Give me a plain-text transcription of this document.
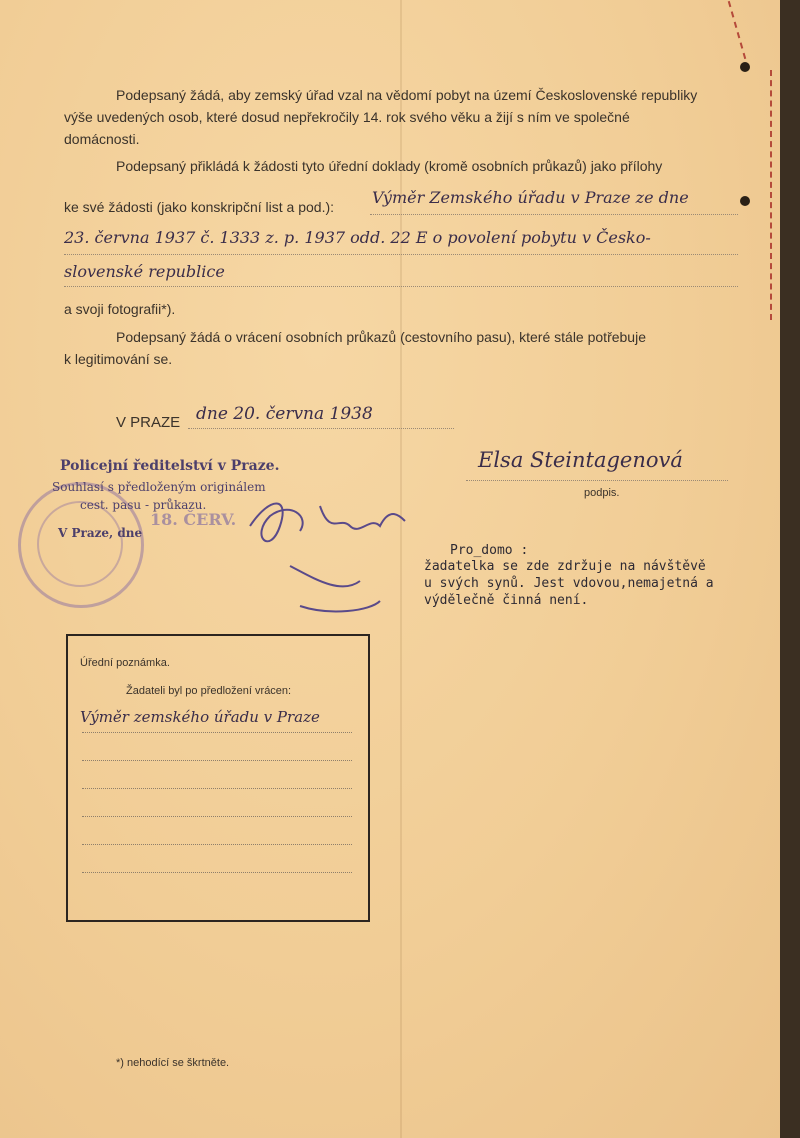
Podepsaný žádá, aby zemský úřad vzal na vědomí pobyt na území Československé republiky
výše uvedených osob, které dosud nepřekročily 14. rok svého věku a žijí s ním ve společné
domácnosti.
Podepsaný přikládá k žádosti tyto úřední doklady (kromě osobních průkazů) jako přílohy
ke své žádosti (jako konskripční list a pod.): Výměr Zemského úřadu v Praze ze dne
23. června 1937 č. 1333 z. p. 1937 odd. 22 E o povolení pobytu v Česko-
slovenské republice
a svoji fotografii*).
Podepsaný žádá o vrácení osobních průkazů (cestovního pasu), které stále potřebuje
k legitimování se.
V PRAZE dne 20. června 1938
Elsa Steintagenová
podpis.
Policejní ředitelství v Praze.
Souhlasí s předloženým originálem
cest. pasu - průkazu.
V Praze, dne
18. ČERV.
Pro_domo :
žadatelka se zde zdržuje na návštěvě
u svých synů. Jest vdovou,nemajetná a
výdělečně činná není.
Úřední poznámka.
Žadateli byl po předložení vrácen:
Výměr zemského úřadu v Praze
*) nehodící se škrtněte.
